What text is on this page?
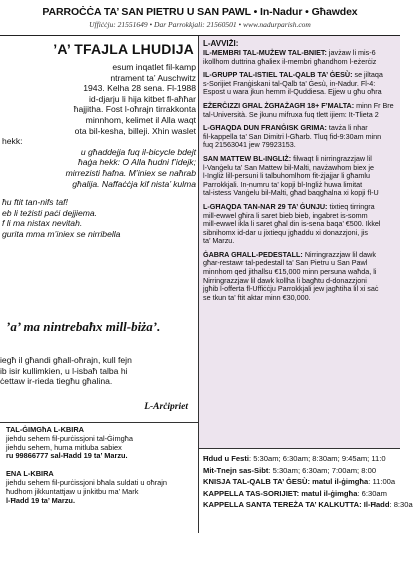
PARROĊĊA TA’ SAN PIETRU U SAN PAWL • In-Nadur • Għawdex
Uffiċċju: 21551649 • Dar Parrokkjali: 21560501 • www.nadurparish.com
’A’ TFAJLA LHUDIJA
esum inqatlet fil-kamp
ntrament ta’ Auschwitz
1943. Kelha 28 sena. Fl-1988
id-djarju li hija kitbet fl-aħħar
ħajjitha. Fost l-oħrajn tirrakkonta
minnhom, kelimet il Alla waqt
ota bil-keshа, billeji. Xhin waslet
hekk:
u għaddejja fuq il-bicycle bdejt
ħaġa hekk: O Alla ħudni f’idejk;
mirrezisti ħafna. M’iniex se naħrab
għalija. Naffaċċja kif nista’ kulma
ħu ftit tan-nifs taf!
eb li teżisti paċi dejjiema.
f li ma nistax nevitah.
guritа mma m’iniex se nirribella
’a’ ma nintrebaħx mill-biża’.
iegħ il għandi għall-oħrajn, kull fejn
ib isir kullimkien, u l-isbaħ talba hi
ċettaw ir-rieda tiegħu għalina.
L-Arċipriet
TAL-ĠIMGħA L-KBIRA
jiehdu sehem fil-purċissjoni tal-Ġimgħa
jiehdu sehem, huma mitluba sabiex
ru 99866777 sal-Ħadd 19 ta’ Marzu.
ENA L-KBIRA
jiehdu sehem fil-purċissjoni bħala suldati u oħrajn
ħudhom jikkuntattjaw u jinkitbu ma’ Mark
l-Ħadd 19 ta’ Marzu.
L-AVVIŻI:
IL-MEMBRI TAL-MUŻEW TAL-BNIET: javżaw li mis-6
ikollhom duttrina għaliex il-membri għandhom l-eżerċiz
IL-GRUPP TAL-ISTIEL TAL-QALB TA’ ĠESÙ: se jiltaqa
s-Sorijiet Franġiskani tal-Qalb ta’ Ġesù, in-Nadur. Fl-4:
Espost u wara jkun hemm il-Quddiesa. Ejjew u għu oħra
EŻERĊIZZI GĦAL ŻGĦAŻAGĦ 18+ F’MALTA: minn Fr Bre
tal-Università. Se jkunu mifruxa fuq tlett ijiem: It-Tlieta 2
L-GĦAQDA DUN FRANĠISK GRIMA: tavża li nhar
fil-kappella ta’ San Dimitri l-Għarb. Tluq fid-9:30am minn
fuq 21563041 jew 79923153.
SAN MATTEW BL-INGLIŻ: filwaqt li nirringrazzjaw lil
l-Vanġelu ta’ San Mattew bil-Malti, navżawhom biex je
l-Ingliż lill-persuni li talbuhomlhom fit-żjajjar li għamlu
Parrokkjali. In-numru ta’ kopji bl-Ingliż huwa limitat
tal-istess Vanġelu bil-Malti, għad baqgħalna xi kopji fl-U
L-GĦAQDA TAN-NAR 29 TA’ ĠUNJU: tixtieq tirringra
mill-ewwel għira li saret bieb bieb, ingabret is-somm
mill-ewwel ikla li saret għal din is-sena baqa’ €500. Ikkel
sibnihomx id-dar u jixtiequ jgħaddu xi donazzjoni, jis
ta’ Marzu.
ĠABRA GĦALL-PEDESTALL: Nirringrazzjaw lil dawk
għar-restawr tal-pedestall ta’ San Pietru u San Pawl
minnhom qed jithallsu €15,000 minn persuna waħda, li
Nirringrazzjaw lil dawk kollha li bagħtu d-donazzjoni
jgħib l-offerta fl-Uffiċċju Parrokkjali jew jagħtiha lil xi saċ
se tkun ta’ ftit aktar minn €30,000.
Ħdud u Festi: 5:30am; 6:30am; 8:30am; 9:45am; 11:0
Mit-Tnejn sas-Sibt: 5:30am; 6:30am; 7:00am; 8:00
KNISJA TAL-QALB TA’ ĠESÙ: matul il-ġimgħa: 11:00a
KAPPELLA TAS-SORIJIET: matul il-ġimgħa: 6:30am
KAPPELLA SANTA TEREŻA TA’ KALKUTTA: Il-Ħadd: 8:30a
